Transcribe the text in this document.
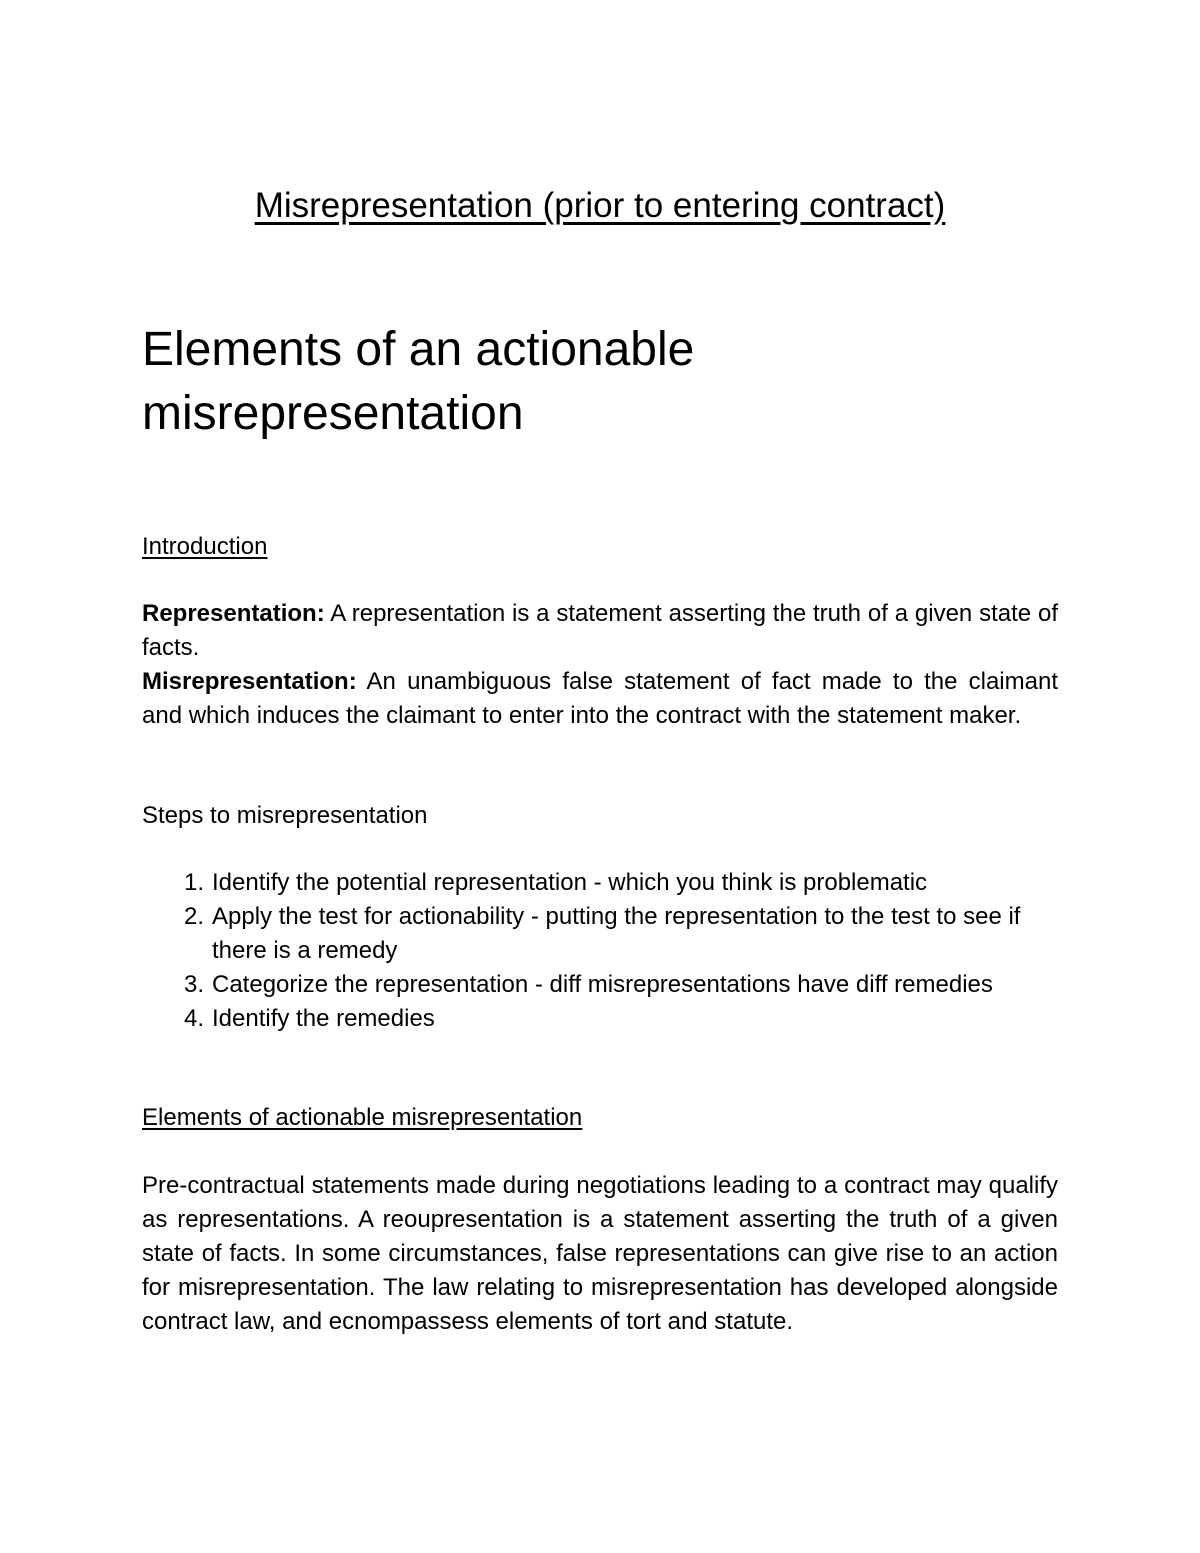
Misrepresentation (prior to entering contract)
Elements of an actionable misrepresentation
Introduction

Representation: A representation is a statement asserting the truth of a given state of facts.

Misrepresentation: An unambiguous false statement of fact made to the claimant and which induces the claimant to enter into the contract with the statement maker.

Steps to misrepresentation
1. Identify the potential representation - which you think is problematic
2. Apply the test for actionability - putting the representation to the test to see if there is a remedy
3. Categorize the representation - diff misrepresentations have diff remedies
4. Identify the remedies
Elements of actionable misrepresentation

Pre-contractual statements made during negotiations leading to a contract may qualify as representations. A reoupresentation is a statement asserting the truth of a given state of facts. In some circumstances, false representations can give rise to an action for misrepresentation. The law relating to misrepresentation has developed alongside contract law, and ecnompassess elements of tort and statute.
